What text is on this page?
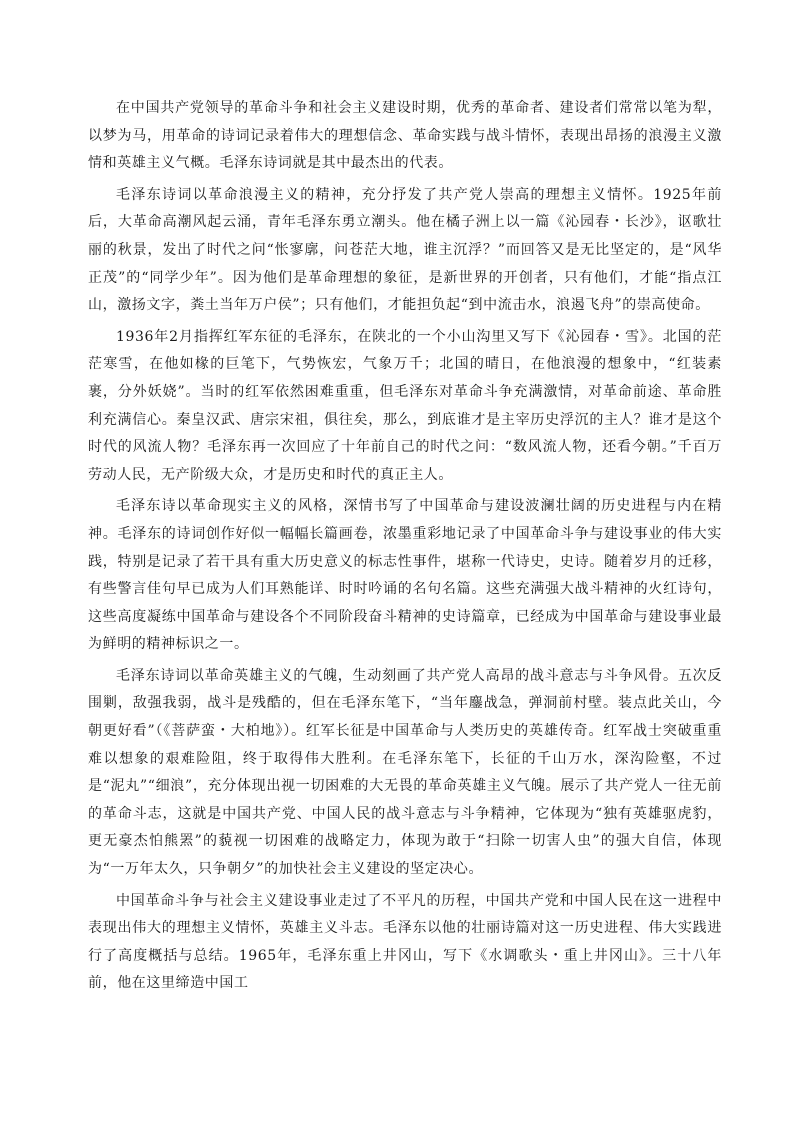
在中国共产党领导的革命斗争和社会主义建设时期，优秀的革命者、建设者们常常以笔为犁，以梦为马，用革命的诗词记录着伟大的理想信念、革命实践与战斗情怀，表现出昂扬的浪漫主义激情和英雄主义气概。毛泽东诗词就是其中最杰出的代表。

毛泽东诗词以革命浪漫主义的精神，充分抒发了共产党人崇高的理想主义情怀。1925年前后，大革命高潮风起云涌，青年毛泽东勇立潮头。他在橘子洲上以一篇《沁园春・长沙》，讴歌壮丽的秋景，发出了时代之问“怅寥廓，问苍茫大地，谁主沉浮？”而回答又是无比坚定的，是“风华正茂”的“同学少年”。因为他们是革命理想的象征，是新世界的开创者，只有他们，才能“指点江山，激扬文字，粪土当年万户侯”；只有他们，才能担负起“到中流击水，浪遏飞舟”的崇高使命。

1936年2月指挥红军东征的毛泽东，在陕北的一个小山沟里又写下《沁园春・雪》。北国的茫茫寒雪，在他如椽的巨笔下，气势恢宏，气象万千；北国的晴日，在他浪漫的想象中，“红装素裹，分外妖娆”。当时的红军依然困难重重，但毛泽东对革命斗争充满激情，对革命前途、革命胜利充满信心。秦皇汉武、唐宗宋祖，俱往矣，那么，到底谁才是主宰历史浮沉的主人？谁才是这个时代的风流人物？毛泽东再一次回应了十年前自己的时代之问：“数风流人物，还看今朝。”千百万劳动人民，无产阶级大众，才是历史和时代的真正主人。

毛泽东诗以革命现实主义的风格，深情书写了中国革命与建设波澜壮阔的历史进程与内在精神。毛泽东的诗词创作好似一幅幅长篇画卷，浓墨重彩地记录了中国革命斗争与建设事业的伟大实践，特别是记录了若干具有重大历史意义的标志性事件，堪称一代诗史，史诗。随着岁月的迁移，有些警言佳句早已成为人们耳熟能详、时时吟诵的名句名篇。这些充满强大战斗精神的火红诗句，这些高度凝练中国革命与建设各个不同阶段奋斗精神的史诗篇章，已经成为中国革命与建设事业最为鲜明的精神标识之一。

毛泽东诗词以革命英雄主义的气魄，生动刻画了共产党人高昂的战斗意志与斗争风骨。五次反围剿，敌强我弱，战斗是残酷的，但在毛泽东笔下，“当年鏖战急，弹洞前村壁。装点此关山，今朝更好看”（《菩萨蛮・大柏地》）。红军长征是中国革命与人类历史的英雄传奇。红军战士突破重重难以想象的艰难险阻，终于取得伟大胜利。在毛泽东笔下，长征的千山万水，深沟险壑，不过是“泥丸”“细浪”，充分体现出视一切困难的大无畏的革命英雄主义气魄。展示了共产党人一往无前的革命斗志，这就是中国共产党、中国人民的战斗意志与斗争精神，它体现为“独有英雄驱虎豹，更无豪杰怕熊罴”的藐视一切困难的战略定力，体现为敢于“扫除一切害人虫”的强大自信，体现为“一万年太久，只争朝夕”的加快社会主义建设的坚定决心。

中国革命斗争与社会主义建设事业走过了不平凡的历程，中国共产党和中国人民在这一进程中表现出伟大的理想主义情怀，英雄主义斗志。毛泽东以他的壮丽诗篇对这一历史进程、伟大实践进行了高度概括与总结。1965年，毛泽东重上井冈山，写下《水调歌头・重上井冈山》。三十八年前，他在这里缔造中国工
